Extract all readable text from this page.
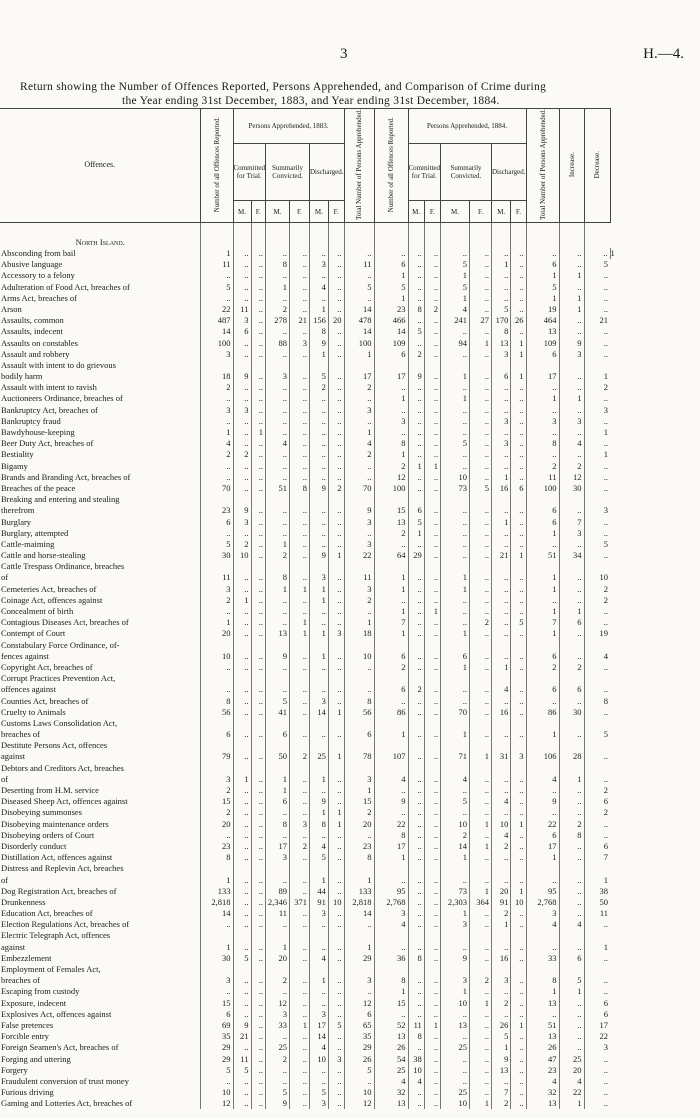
3	H.—4.
Return showing the Number of Offences Reported, Persons Apprehended, and Comparison of Crime during
the Year ending 31st December, 1883, and Year ending 31st December, 1884.
Offences.	Number of all Offences Reported.	Persons Apprehended, 1883.						Total Number of Persons Apprehended.	Number of all Offences Reported.	Persons Apprehended, 1884.						Total Number of Persons Apprehended.	Increase.	Decrease.	
		Committed for Trial.		Summarily Convicted.		Discharged.				Committed for Trial.		Summarily Convicted.		Discharged.					
		M.	F.	M.	F.	M.	F.			M.	F.	M.	F.	M.	F.				

North Island.																			
Absconding from bail	1	..	..	..	..	..	..	..	..	..	..	..	..	..	..	..	..	..	1
Abusive language	11	..	..	8	..	3	..	11	6	..	..	5	..	1	..	6	..	5	
Accessory to a felony	..	..	..	..	..	..	..	..	1	..	..	1	..	..	..	1	1	..	
Adulteration of Food Act, breaches of	5	..	..	1	..	4	..	5	5	..	..	5	..	..	..	5	..	..	
Arms Act, breaches of	..	..	..	..	..	..	..	..	1	..	..	1	..	..	..	1	1	..	
Arson	22	11	..	2	..	1	..	14	23	8	2	4	..	5	..	19	1	..	
Assaults, common	487	3	..	278	21	156	20	478	466	..	..	241	27	170	26	464	..	21	
Assaults, indecent	14	6	..	..	..	8	..	14	14	5	..	..	..	8	..	13	..	..	
Assaults on constables	100	..	..	88	3	9	..	100	109	..	..	94	1	13	1	109	9	..	
Assault and robbery	3	..	..	..	..	1	..	1	6	2	..	..	..	3	1	6	3	..	
Assault with intent to do grievous																			
bodily harm	18	9	..	3	..	5	..	17	17	9	..	1	..	6	1	17	..	1	
Assault with intent to ravish	2	..	..	..	..	2	..	2	..	..	..	..	..	..	..	..	..	2	
Auctioneers Ordinance, breaches of	..	..	..	..	..	..	..	..	1	..	..	1	..	..	..	1	1	..	
Bankruptcy Act, breaches of	3	3	..	..	..	..	..	3	..	..	..	..	..	..	..	..	..	3	
Bankruptcy fraud	..	..	..	..	..	..	..	..	3	..	..	..	..	3	..	3	3	..	
Bawdyhouse-keeping	1	..	1	..	..	..	..	1	..	..	..	..	..	..	..	..	..	1	
Beer Duty Act, breaches of	4	..	..	4	..	..	..	4	8	..	..	5	..	3	..	8	4	..	
Bestiality	2	2	..	..	..	..	..	2	1	..	..	..	..	..	..	..	..	1	
Bigamy	..	..	..	..	..	..	..	..	2	1	1	..	..	..	..	2	2	..	
Brands and Branding Act, breaches of	..	..	..	..	..	..	..	..	12	..	..	10	..	1	..	11	12	..	
Breaches of the peace	70	..	..	51	8	9	2	70	100	..	..	73	5	16	6	100	30	..	
Breaking and entering and stealing																			
therefrom	23	9	..	..	..	..	..	9	15	6	..	..	..	..	..	6	..	3	
Burglary	6	3	..	..	..	..	..	3	13	5	..	..	..	1	..	6	7	..	
Burglary, attempted	..	..	..	..	..	..	..	..	2	1	..	..	..	..	..	1	3	..	
Cattle-maiming	5	2	..	1	..	..	..	3	..	..	..	..	..	..	..	..	..	5	
Cattle and horse-stealing	30	10	..	2	..	9	1	22	64	29	..	..	..	21	1	51	34	..	
Cattle Trespass Ordinance, breaches																			
of	11	..	..	8	..	3	..	11	1	..	..	1	..	..	..	1	..	10	
Cemeteries Act, breaches of	3	..	..	1	1	1	..	3	1	..	..	1	..	..	..	1	..	2	
Coinage Act, offences against	2	1	..	..	..	1	..	2	..	..	..	..	..	..	..	..	..	2	
Concealment of birth	..	..	..	..	..	..	..	..	1	..	1	..	..	..	..	1	1	..	
Contagious Diseases Act, breaches of	1	..	..	..	1	..	..	1	7	..	..	..	2	..	5	7	6	..	
Contempt of Court	20	..	..	13	1	1	3	18	1	..	..	1	..	..	..	1	..	19	
Constabulary Force Ordinance, of-																			
fences against	10	..	..	9	..	1	..	10	6	..	..	6	..	..	..	6	..	4	
Copyright Act, breaches of	..	..	..	..	..	..	..	..	2	..	..	1	..	1	..	2	2	..	
Corrupt Practices Prevention Act,																			
offences against	..	..	..	..	..	..	..	..	6	2	..	..	..	4	..	6	6	..	
Counties Act, breaches of	8	..	..	5	..	3	..	8	..	..	..	..	..	..	..	..	..	8	
Cruelty to Animals	56	..	..	41	..	14	1	56	86	..	..	70	..	16	..	86	30	..	
Customs Laws Consolidation Act,																			
breaches of	6	..	..	6	..	..	..	6	1	..	..	1	..	..	..	1	..	5	
Destitute Persons Act, offences																			
against	79	..	..	50	2	25	1	78	107	..	..	71	1	31	3	106	28	..	
Debtors and Creditors Act, breaches																			
of	3	1	..	1	..	1	..	3	4	..	..	4	..	..	..	4	1	..	
Deserting from H.M. service	2	..	..	1	..	..	..	1	..	..	..	..	..	..	..	..	..	2	
Diseased Sheep Act, offences against	15	..	..	6	..	9	..	15	9	..	..	5	..	4	..	9	..	6	
Disobeying summonses	2	..	..	..	..	1	1	2	..	..	..	..	..	..	..	..	..	2	
Disobeying maintenance orders	20	..	..	8	3	8	1	20	22	..	..	10	1	10	1	22	2	..	
Disobeying orders of Court	..	..	..	..	..	..	..	..	8	..	..	2	..	4	..	6	8	..	
Disorderly conduct	23	..	..	17	2	4	..	23	17	..	..	14	1	2	..	17	..	6	
Distillation Act, offences against	8	..	..	3	..	5	..	8	1	..	..	1	..	..	..	1	..	7	
Distress and Replevin Act, breaches																			
of	1	..	..	..	..	1	..	1	..	..	..	..	..	..	..	..	..	1	
Dog Registration Act, breaches of	133	..	..	89	..	44	..	133	95	..	..	73	1	20	1	95	..	38	
Drunkenness	2,818	..	..	2,346	371	91	10	2,818	2,768	..	..	2,303	364	91	10	2,768	..	50	
Education Act, breaches of	14	..	..	11	..	3	..	14	3	..	..	1	..	2	..	3	..	11	
Election Regulations Act, breaches of	..	..	..	..	..	..	..	..	4	..	..	3	..	1	..	4	4	..	
Electric Telegraph Act, offences																			
against	1	..	..	1	..	..	..	1	..	..	..	..	..	..	..	..	..	1	
Embezzlement	30	5	..	20	..	4	..	29	36	8	..	9	..	16	..	33	6	..	
Employment of Females Act,																			
breaches of	3	..	..	2	..	1	..	3	8	..	..	3	2	3	..	8	5	..	
Escaping from custody	..	..	..	..	..	..	..	..	1	..	..	1	..	..	..	1	1	..	
Exposure, indecent	15	..	..	12	..	..	..	12	15	..	..	10	1	2	..	13	..	6	
Explosives Act, offences against	6	..	..	3	..	3	..	6	..	..	..	..	..	..	..	..	..	6	
False pretences	69	9	..	33	1	17	5	65	52	11	1	13	..	26	1	51	..	17	
Forcible entry	35	21	..	..	..	14	..	35	13	8	..	..	..	5	..	13	..	22	
Foreign Seamen's Act, breaches of	29	..	..	25	..	4	..	29	26	..	..	25	..	1	..	26	..	3	
Forging and uttering	29	11	..	2	..	10	3	26	54	38	..	..	..	9	..	47	25	..	
Forgery	5	5	..	..	..	..	..	5	25	10	..	..	..	13	..	23	20	..	
Fraudulent conversion of trust money	..	..	..	..	..	..	..	..	4	4	..	..	..	..	..	4	4	..	
Furious driving	10	..	..	5	..	5	..	10	32	..	..	25	..	7	..	32	22	..	
Gaming and Lotteries Act, breaches of	12	..	..	9	..	3	..	12	13	..	..	10	1	2	..	13	1	..	
